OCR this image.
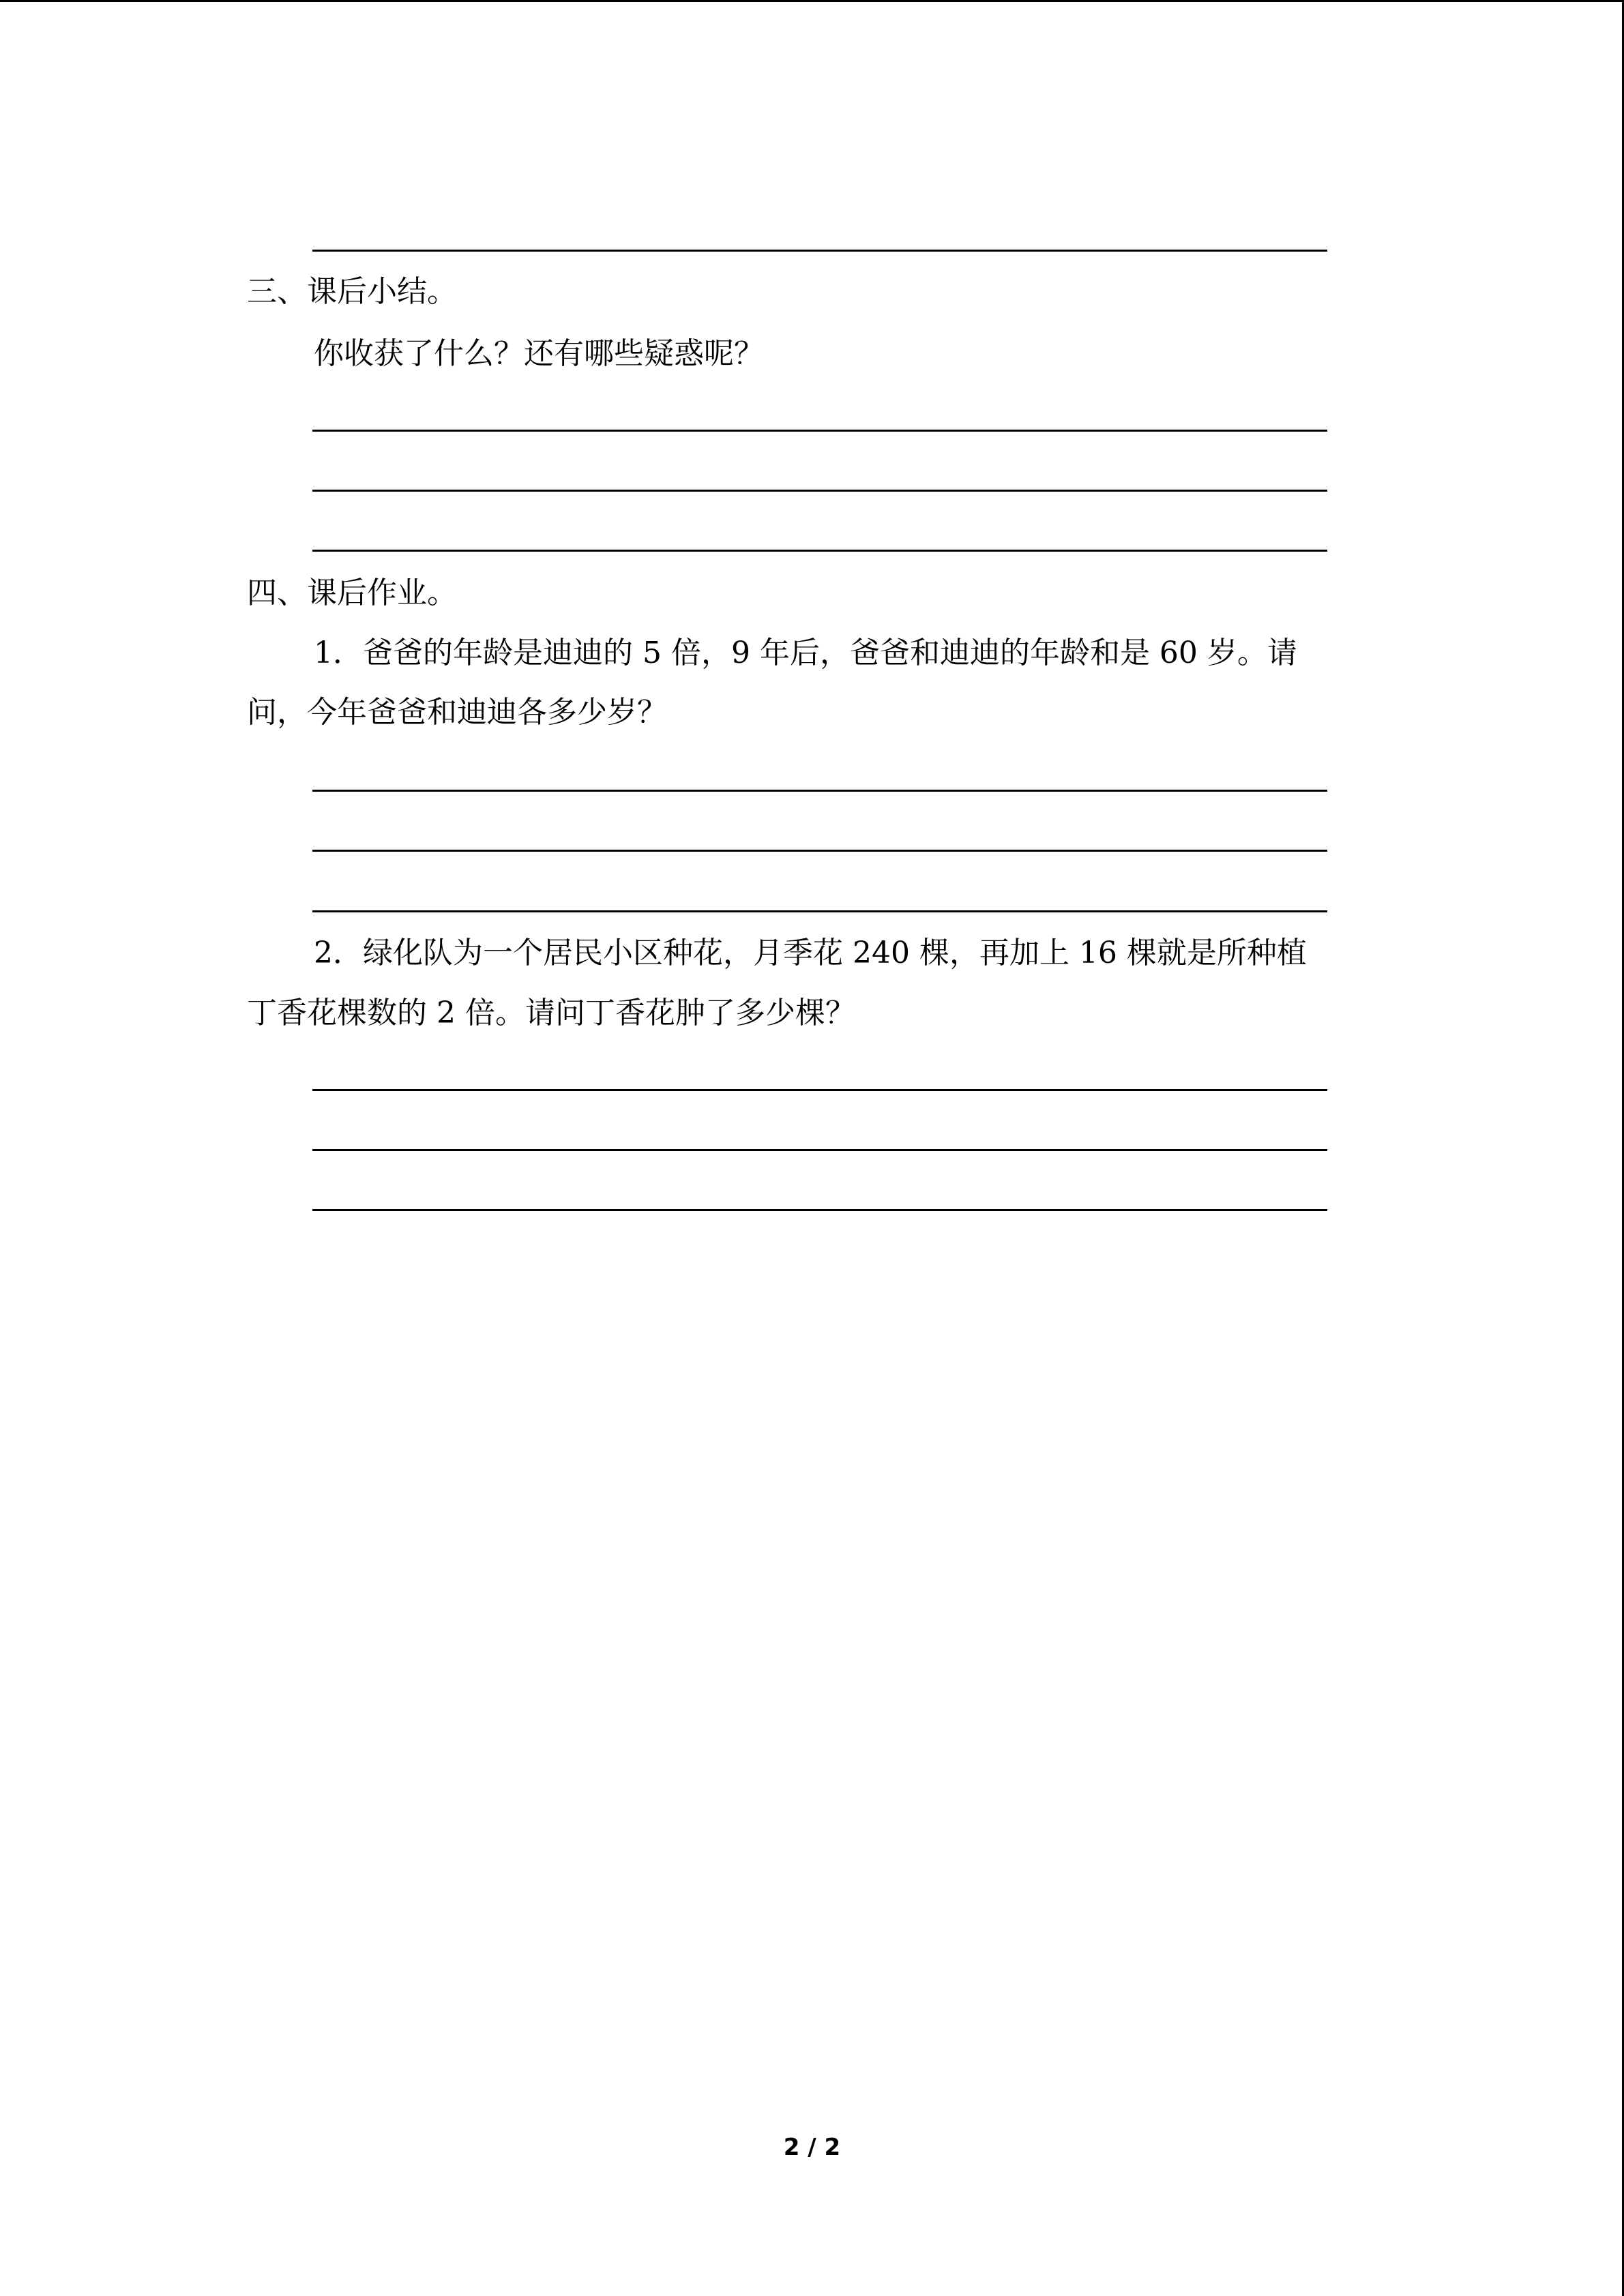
三、课后小结。
你收获了什么？还有哪些疑惑呢？
四、课后作业。
1．爸爸的年龄是迪迪的 5 倍，9 年后，爸爸和迪迪的年龄和是 60 岁。请
问，今年爸爸和迪迪各多少岁？
2．绿化队为一个居民小区种花，月季花 240 棵，再加上 16 棵就是所种植
丁香花棵数的 2 倍。请问丁香花肿了多少棵？
2 / 2
